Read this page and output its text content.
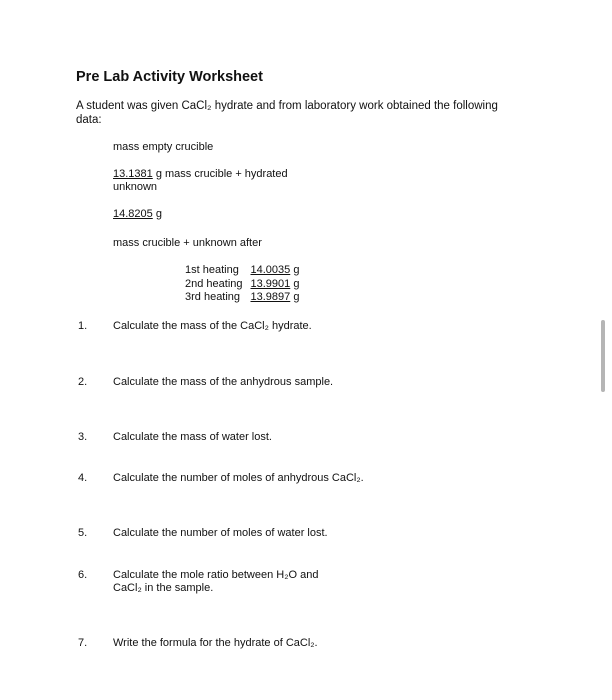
Pre Lab Activity Worksheet
A student was given CaCl₂ hydrate and from laboratory work obtained the following
data:
mass empty crucible
13.1381 g mass crucible + hydrated
unknown
14.8205 g
mass crucible + unknown after
1st heating	14.0035 g
2nd heating	13.9901 g
3rd heating	13.9897 g
1. Calculate the mass of the CaCl₂ hydrate.
2. Calculate the mass of the anhydrous sample.
3. Calculate the mass of water lost.
4. Calculate the number of moles of anhydrous CaCl₂.
5. Calculate the number of moles of water lost.
6. Calculate the mole ratio between H₂O and
CaCl₂ in the sample.
7. Write the formula for the hydrate of CaCl₂.
